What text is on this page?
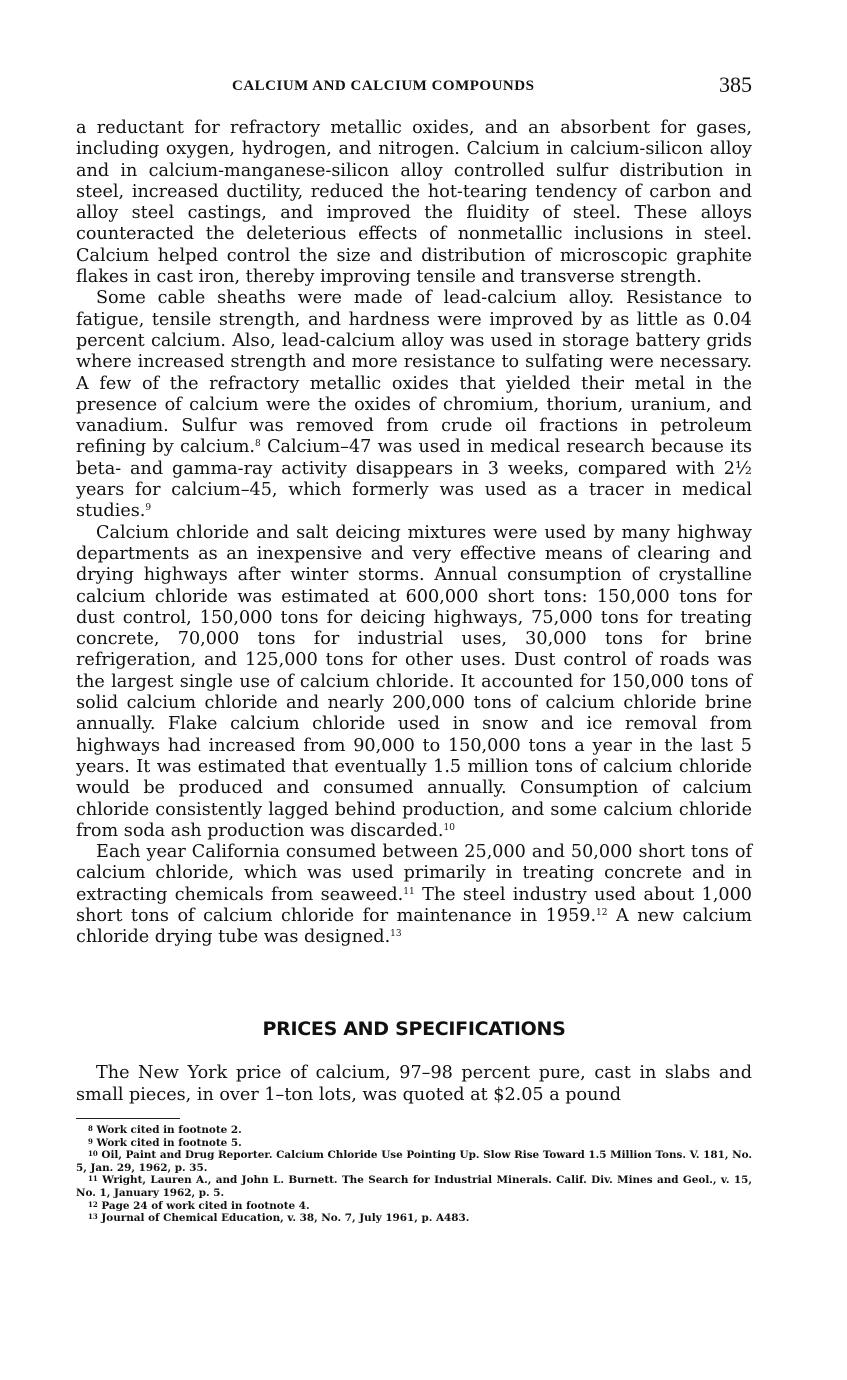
CALCIUM AND CALCIUM COMPOUNDS	385

a reductant for refractory metallic oxides, and an absorbent for gases, including oxygen, hydrogen, and nitrogen. Calcium in calcium-silicon alloy and in calcium-manganese-silicon alloy controlled sulfur distribution in steel, increased ductility, reduced the hot-tearing tendency of carbon and alloy steel castings, and improved the fluidity of steel. These alloys counteracted the deleterious effects of nonmetallic inclusions in steel. Calcium helped control the size and distribution of microscopic graphite flakes in cast iron, thereby improving tensile and transverse strength.

Some cable sheaths were made of lead-calcium alloy. Resistance to fatigue, tensile strength, and hardness were improved by as little as 0.04 percent calcium. Also, lead-calcium alloy was used in storage battery grids where increased strength and more resistance to sulfating were necessary. A few of the refractory metallic oxides that yielded their metal in the presence of calcium were the oxides of chromium, thorium, uranium, and vanadium. Sulfur was removed from crude oil fractions in petroleum refining by calcium.$^8$ Calcium–47 was used in medical research because its beta- and gamma-ray activity disappears in 3 weeks, compared with 2½ years for calcium–45, which formerly was used as a tracer in medical studies.$^9$

Calcium chloride and salt deicing mixtures were used by many highway departments as an inexpensive and very effective means of clearing and drying highways after winter storms. Annual consumption of crystalline calcium chloride was estimated at 600,000 short tons: 150,000 tons for dust control, 150,000 tons for deicing highways, 75,000 tons for treating concrete, 70,000 tons for industrial uses, 30,000 tons for brine refrigeration, and 125,000 tons for other uses. Dust control of roads was the largest single use of calcium chloride. It accounted for 150,000 tons of solid calcium chloride and nearly 200,000 tons of calcium chloride brine annually. Flake calcium chloride used in snow and ice removal from highways had increased from 90,000 to 150,000 tons a year in the last 5 years. It was estimated that eventually 1.5 million tons of calcium chloride would be produced and consumed annually. Consumption of calcium chloride consistently lagged behind production, and some calcium chloride from soda ash production was discarded.$^{10}$

Each year California consumed between 25,000 and 50,000 short tons of calcium chloride, which was used primarily in treating concrete and in extracting chemicals from seaweed.$^{11}$ The steel industry used about 1,000 short tons of calcium chloride for maintenance in 1959.12 A new calcium chloride drying tube was designed.$^{13}$

PRICES AND SPECIFICATIONS

The New York price of calcium, 97–98 percent pure, cast in slabs and small pieces, in over 1–ton lots, was quoted at $2.05 a pound

8 Work cited in footnote 2.

9 Work cited in footnote 5.

10 Oil, Paint and Drug Reporter. Calcium Chloride Use Pointing Up. Slow Rise Toward 1.5 Million Tons. V. 181, No. 5, Jan. 29, 1962, p. 35.

11 Wright, Lauren A., and John L. Burnett. The Search for Industrial Minerals. Calif. Div. Mines and Geol., v. 15, No. 1, January 1962, p. 5.

12 Page 24 of work cited in footnote 4.

13 Journal of Chemical Education, v. 38, No. 7, July 1961, p. A483.
